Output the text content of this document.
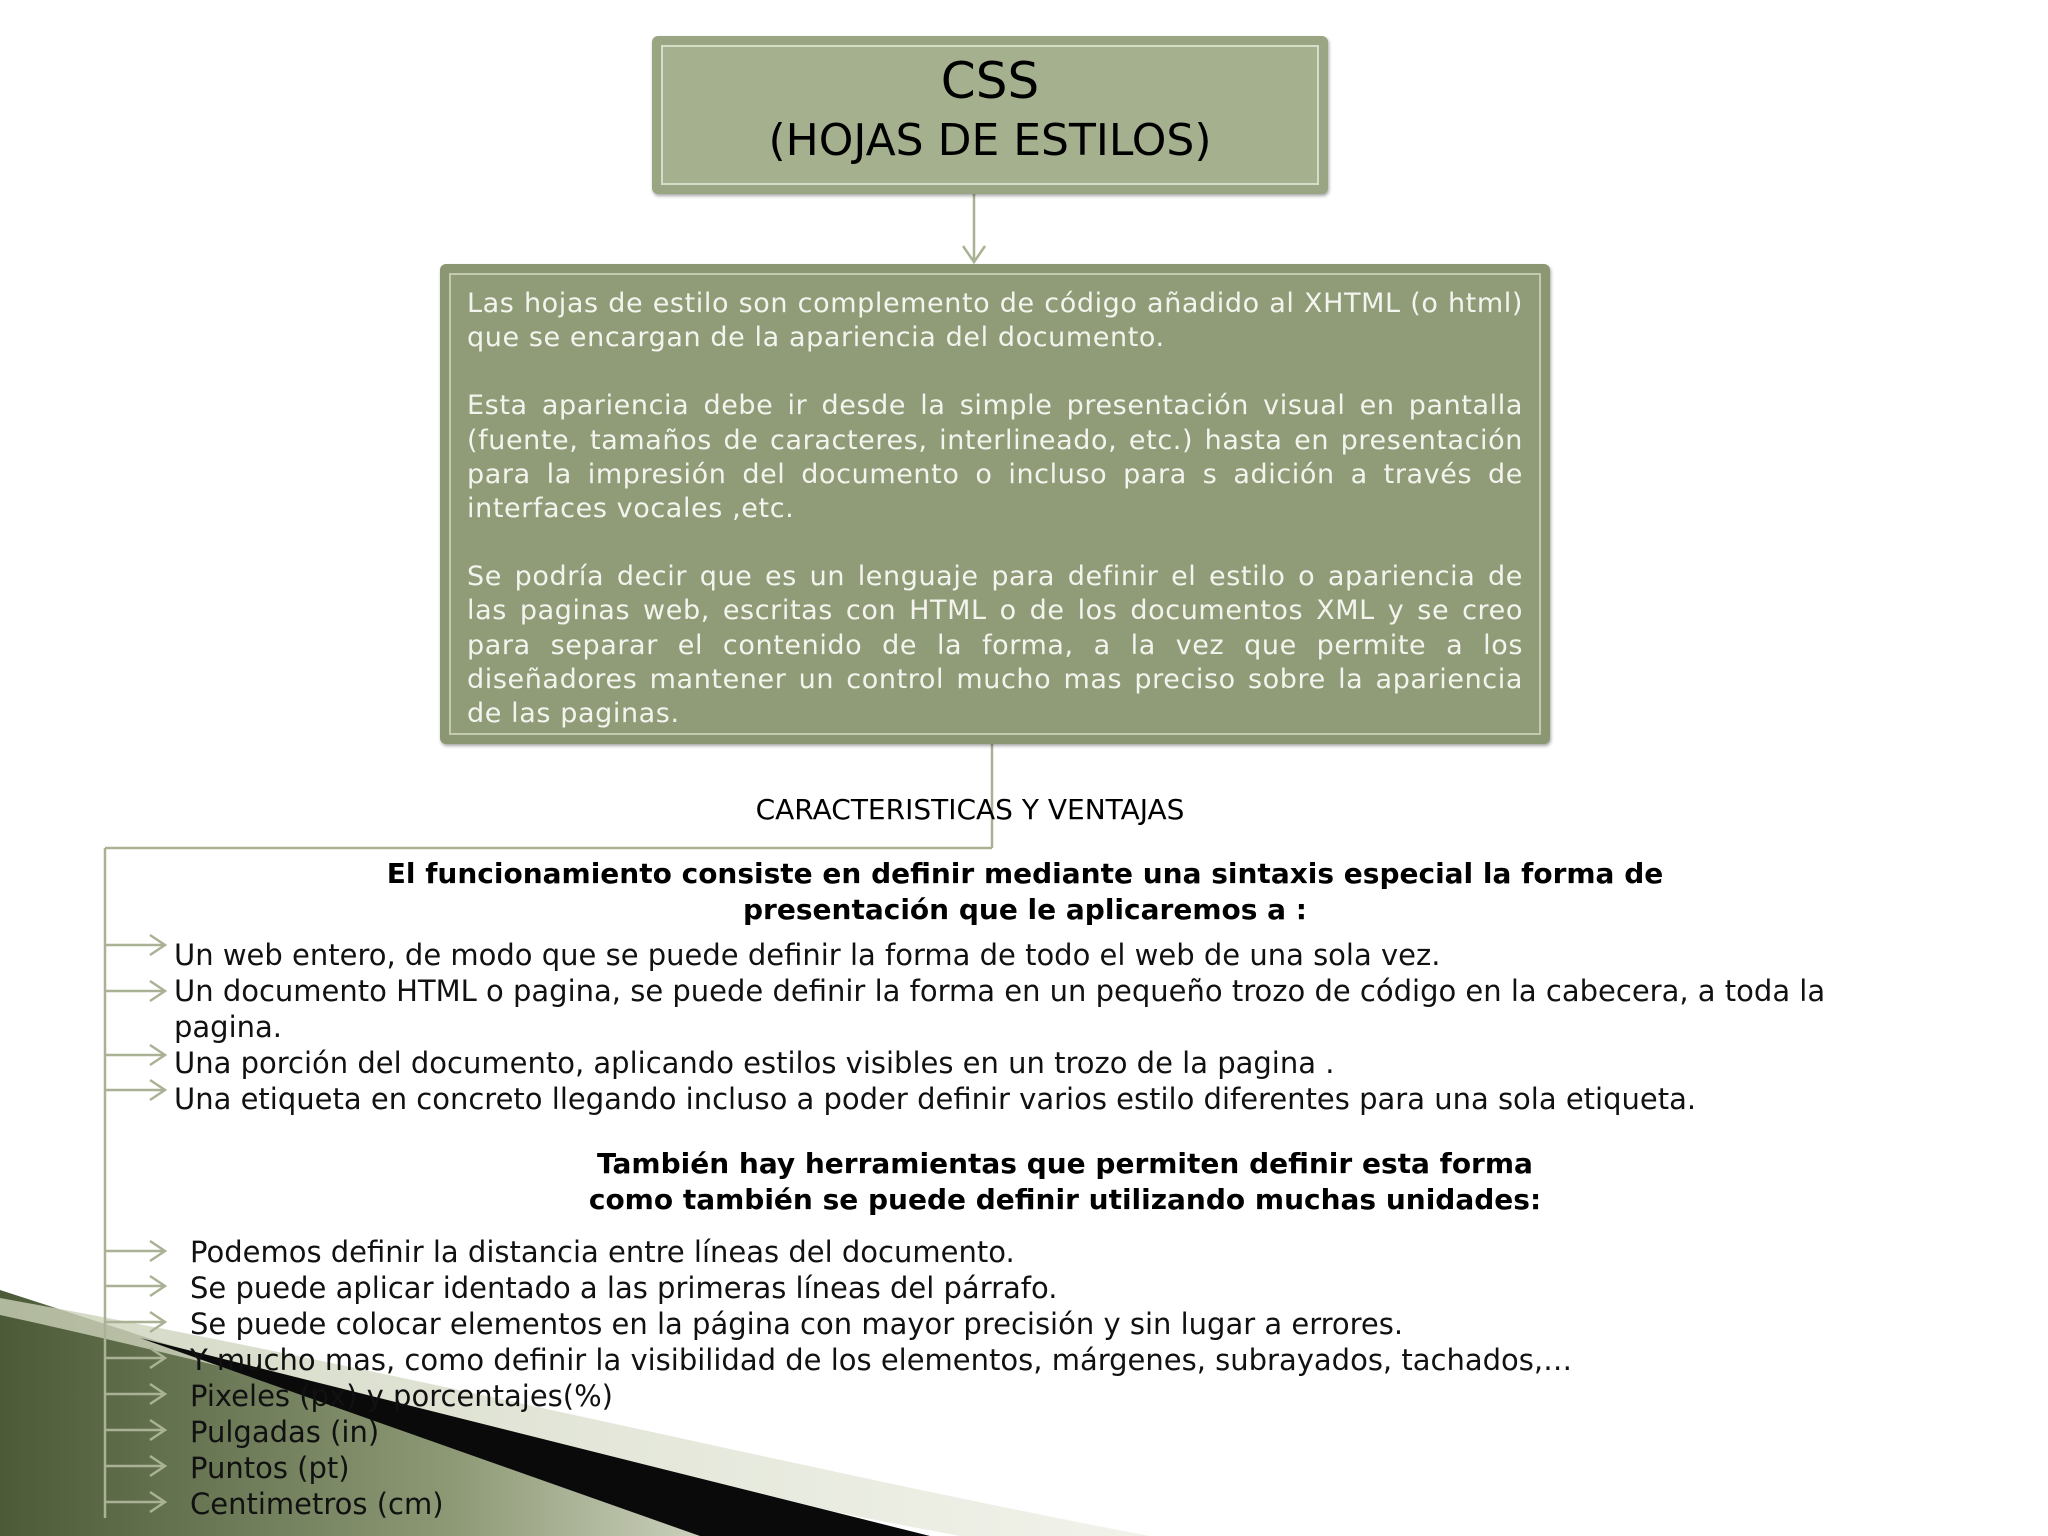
CSS
(HOJAS DE ESTILOS)

Las hojas de estilo son complemento de código añadido al XHTML (o html) que se encargan de la apariencia del documento.

Esta apariencia debe ir desde la simple presentación visual en pantalla (fuente, tamaños de caracteres, interlineado, etc.) hasta en presentación para la impresión del documento o incluso para s adición a través de interfaces vocales ,etc.

Se podría decir que es un lenguaje para definir el estilo o apariencia de las paginas web, escritas con HTML o de los documentos XML y se creo para separar el contenido de la forma, a la vez que permite a los diseñadores mantener un control mucho mas preciso sobre la apariencia de las paginas.

CARACTERISTICAS Y VENTAJAS
El funcionamiento consiste en definir mediante una sintaxis especial la forma de
presentación que le aplicaremos a :
Un web entero, de modo que se puede definir la forma de todo el web de una sola vez.
Un documento HTML o pagina, se puede definir la forma en un pequeño trozo de código en la cabecera, a toda la pagina.
Una porción del documento, aplicando estilos visibles en un trozo de la pagina .
Una etiqueta en concreto llegando incluso a poder definir varios estilo diferentes para una sola etiqueta.
También hay herramientas que permiten definir esta forma
como también se puede definir utilizando muchas unidades:
Podemos definir la distancia entre líneas del documento.
Se puede aplicar identado a las primeras líneas del párrafo.
Se puede colocar elementos en la página con mayor precisión y sin lugar a errores.
Y mucho mas, como definir la visibilidad de los elementos, márgenes, subrayados, tachados,…
Pixeles (px) y porcentajes(%)
Pulgadas (in)
Puntos (pt)
Centimetros (cm)
